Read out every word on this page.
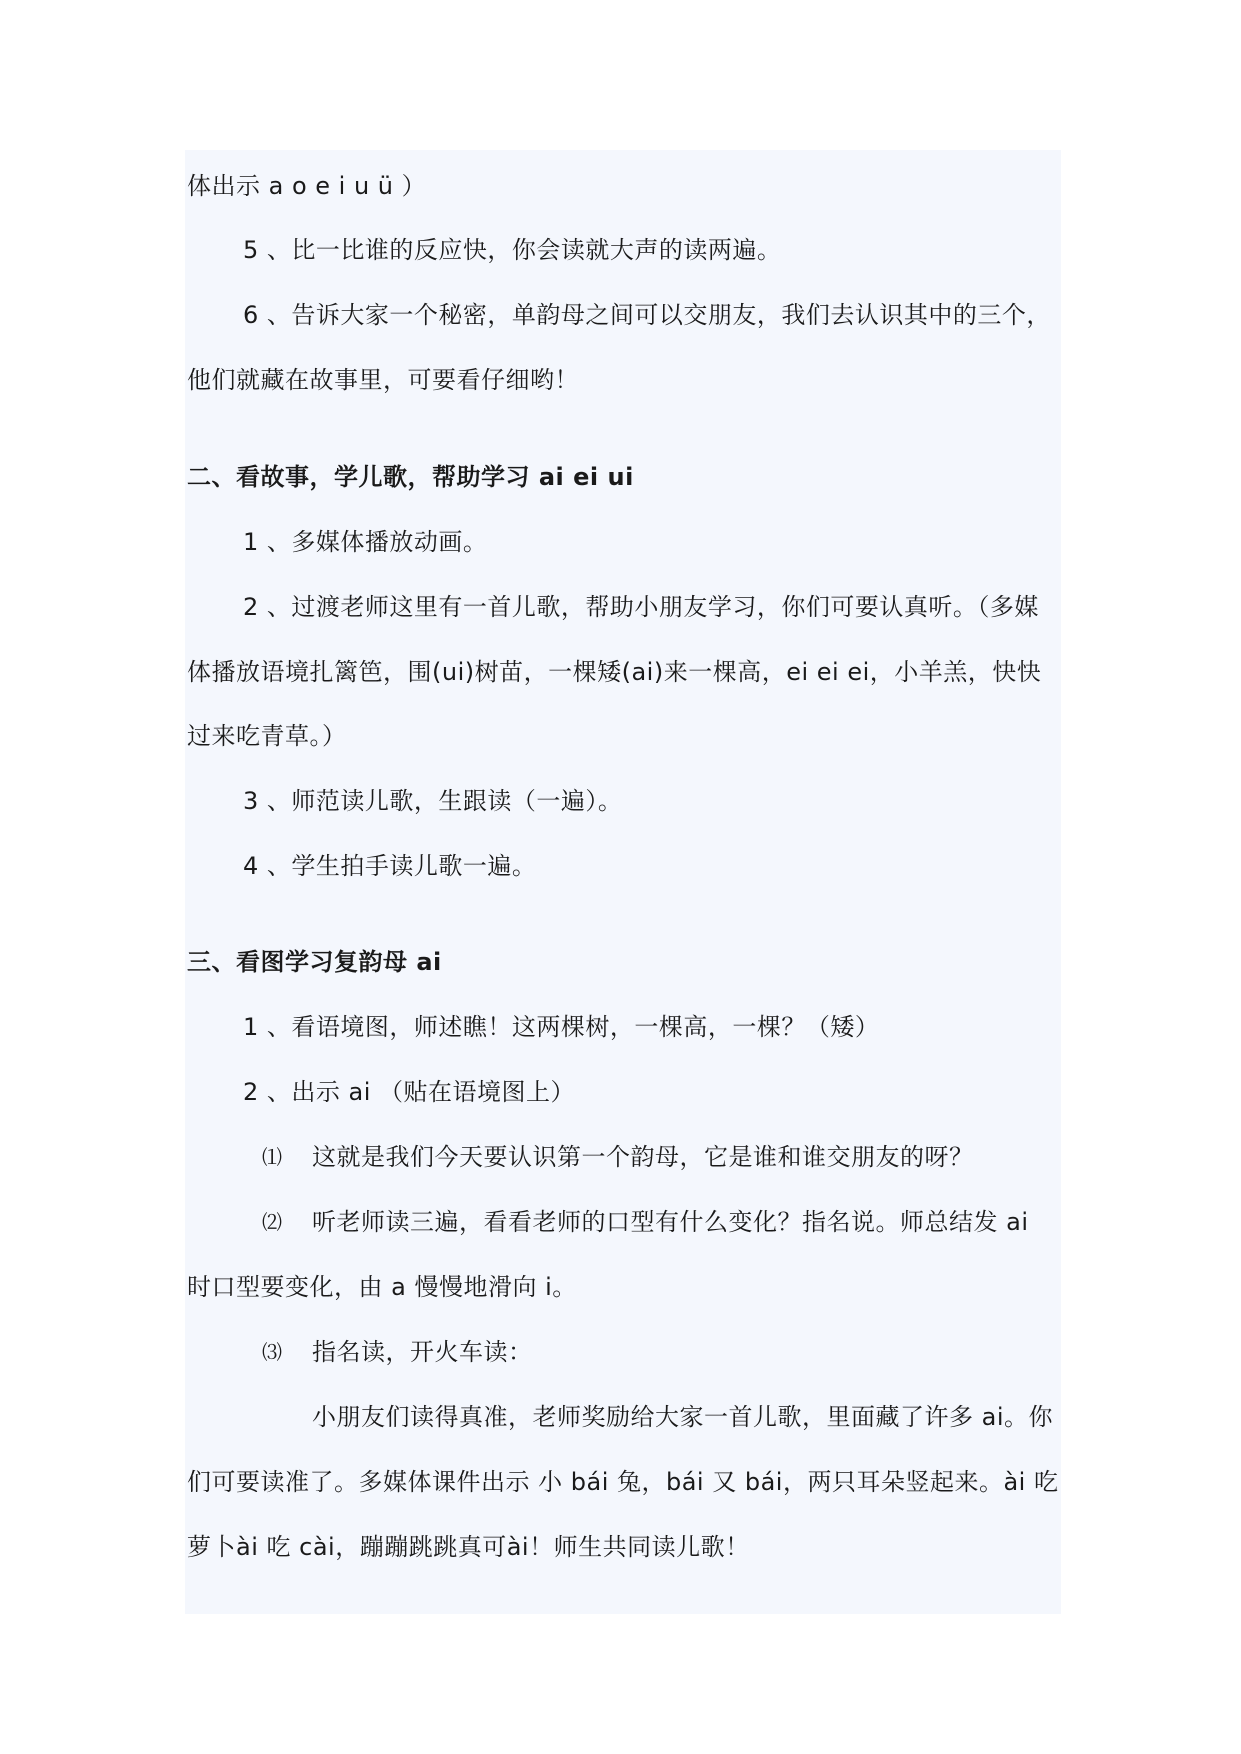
体出示 a o e i u ü ）
5 、比一比谁的反应快，你会读就大声的读两遍。
6 、告诉大家一个秘密，单韵母之间可以交朋友，我们去认识其中的三个，
他们就藏在故事里，可要看仔细哟！
二、看故事，学儿歌，帮助学习 ai ei ui
1 、多媒体播放动画。
2 、过渡老师这里有一首儿歌，帮助小朋友学习，你们可要认真听。（多媒
体播放语境扎篱笆，围(ui)树苗，一棵矮(ai)来一棵高，ei ei ei，小羊羔，快快
过来吃青草。）
3 、师范读儿歌，生跟读（一遍）。
4 、学生拍手读儿歌一遍。
三、看图学习复韵母 ai
1 、看语境图，师述瞧！这两棵树，一棵高，一棵？（矮）
2 、出示 ai （贴在语境图上）
⑴ 这就是我们今天要认识第一个韵母，它是谁和谁交朋友的呀？
⑵ 听老师读三遍，看看老师的口型有什么变化？指名说。师总结发 ai
时口型要变化，由 a 慢慢地滑向 i。
⑶ 指名读，开火车读：
小朋友们读得真准，老师奖励给大家一首儿歌，里面藏了许多 ai。你
们可要读准了。多媒体课件出示 小 bái 兔，bái 又 bái，两只耳朵竖起来。ài 吃
萝卜ài 吃 cài，蹦蹦跳跳真可ài！师生共同读儿歌！
